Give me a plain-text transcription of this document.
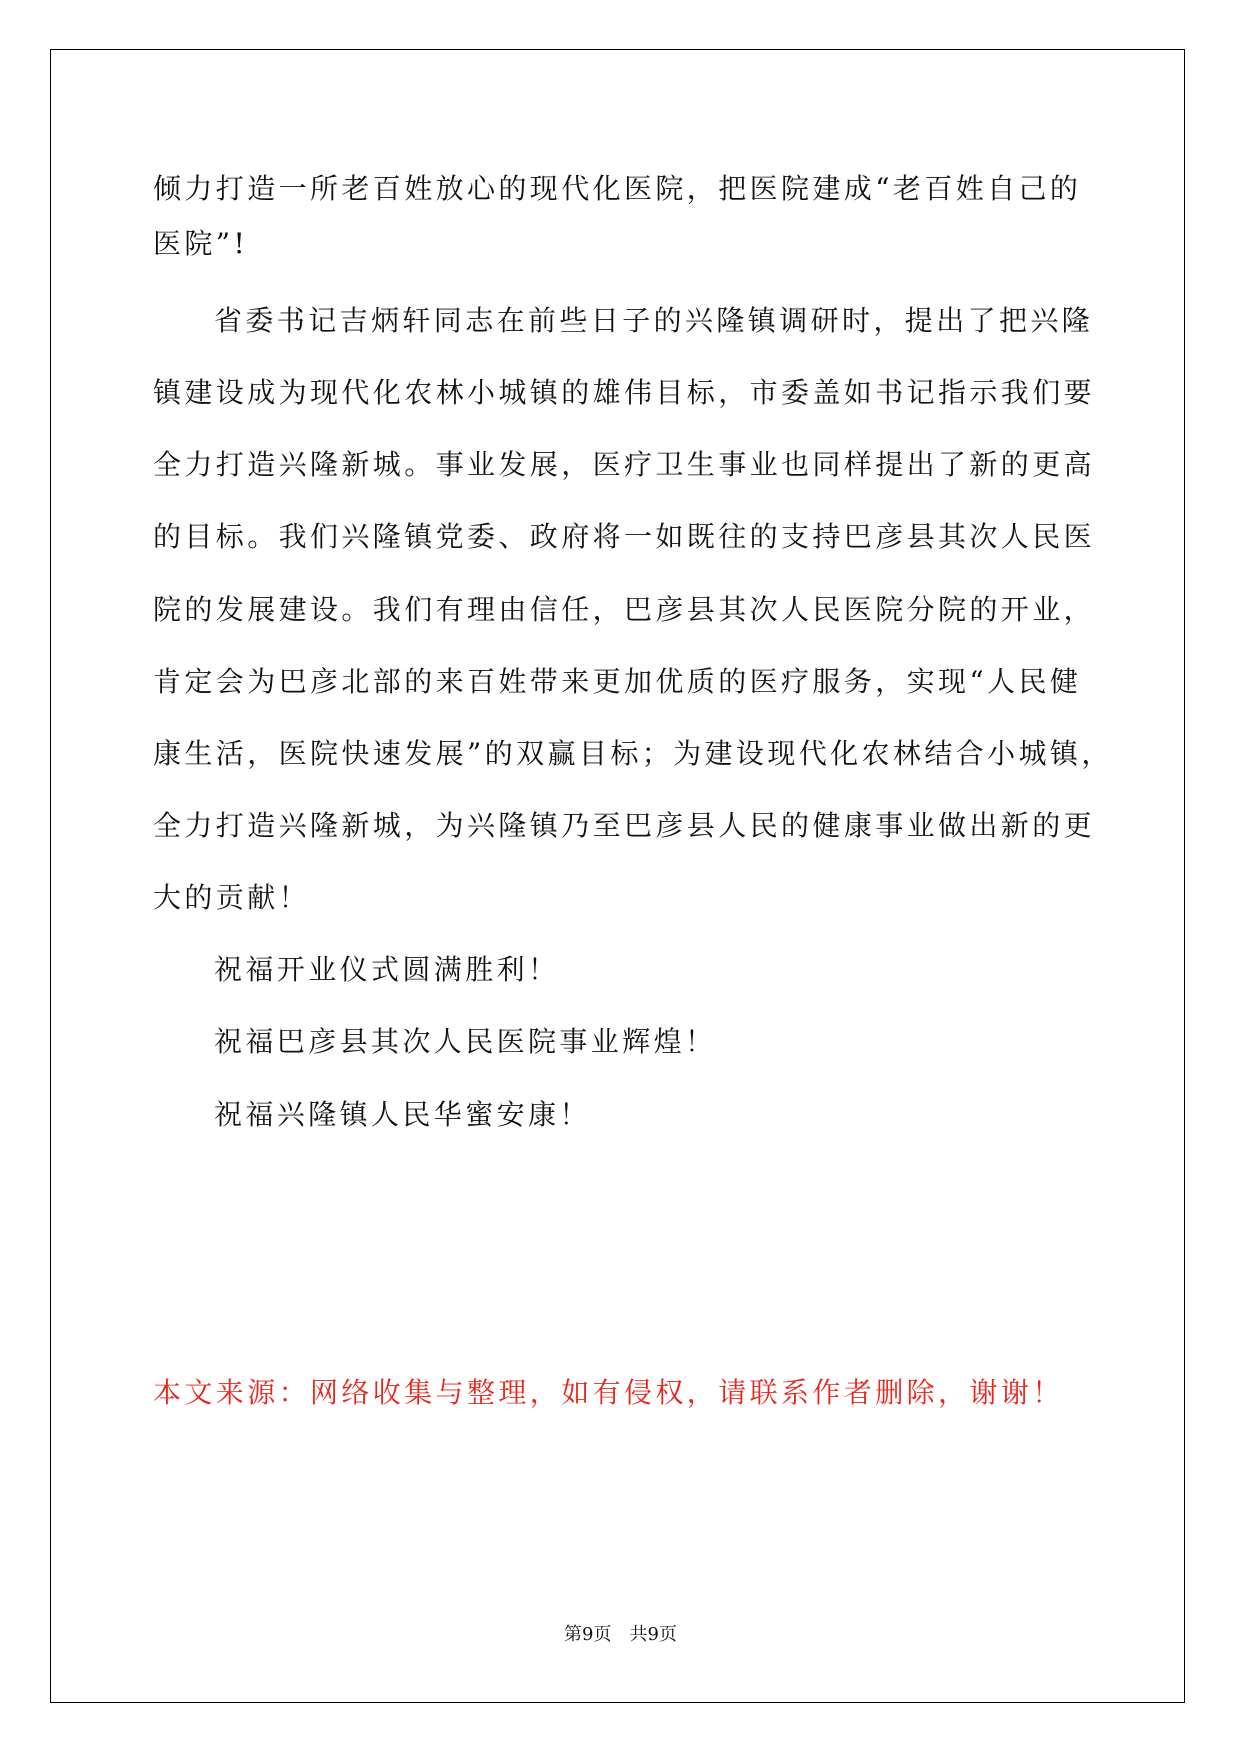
倾力打造一所老百姓放心的现代化医院，把医院建成“老百姓自己的
医院”!
省委书记吉炳轩同志在前些日子的兴隆镇调研时，提出了把兴隆
镇建设成为现代化农林小城镇的雄伟目标，市委盖如书记指示我们要
全力打造兴隆新城。事业发展，医疗卫生事业也同样提出了新的更高
的目标。我们兴隆镇党委、政府将一如既往的支持巴彦县其次人民医
院的发展建设。我们有理由信任，巴彦县其次人民医院分院的开业，
肯定会为巴彦北部的来百姓带来更加优质的医疗服务，实现“人民健
康生活，医院快速发展”的双赢目标；为建设现代化农林结合小城镇，
全力打造兴隆新城，为兴隆镇乃至巴彦县人民的健康事业做出新的更
大的贡献！
祝福开业仪式圆满胜利！
祝福巴彦县其次人民医院事业辉煌！
祝福兴隆镇人民华蜜安康！
本文来源：网络收集与整理，如有侵权，请联系作者删除，谢谢！
第9页　共9页
